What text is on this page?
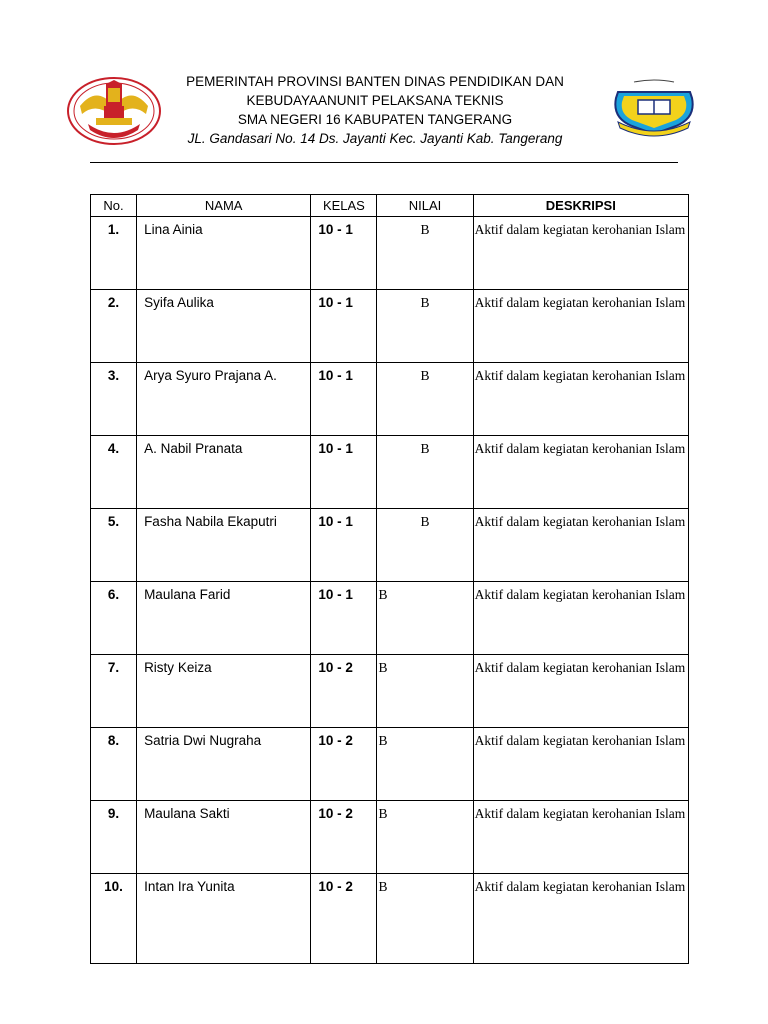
PEMERINTAH PROVINSI BANTEN DINAS PENDIDIKAN DAN
KEBUDAYAANUNIT PELAKSANA TEKNIS
SMA NEGERI 16 KABUPATEN TANGERANG
JL. Gandasari No. 14 Ds. Jayanti Kec. Jayanti Kab. Tangerang
No.	NAMA	KELAS	NILAI	DESKRIPSI
1.	Lina Ainia	10 - 1	B	Aktif dalam kegiatan kerohanian Islam
2.	Syifa Aulika	10 - 1	B	Aktif dalam kegiatan kerohanian Islam
3.	Arya Syuro Prajana A.	10 - 1	B	Aktif dalam kegiatan kerohanian Islam
4.	A. Nabil Pranata	10 - 1	B	Aktif dalam kegiatan kerohanian Islam
5.	Fasha Nabila Ekaputri	10 - 1	B	Aktif dalam kegiatan kerohanian Islam
6.	Maulana Farid	10 - 1	B	Aktif dalam kegiatan kerohanian Islam
7.	Risty Keiza	10 - 2	B	Aktif dalam kegiatan kerohanian Islam
8.	Satria Dwi Nugraha	10 - 2	B	Aktif dalam kegiatan kerohanian Islam
9.	Maulana Sakti	10 - 2	B	Aktif dalam kegiatan kerohanian Islam
10.	Intan Ira Yunita	10 - 2	B	Aktif dalam kegiatan kerohanian Islam
